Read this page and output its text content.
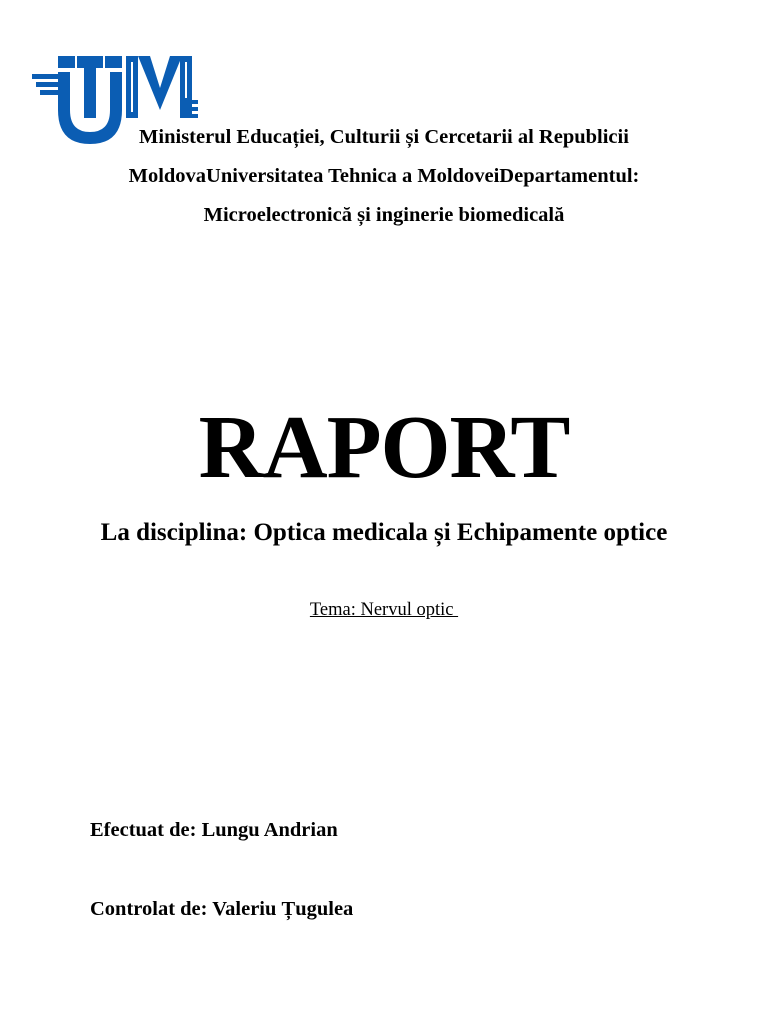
Ministerul Educației, Culturii și Cercetarii al Republicii
MoldovaUniversitatea Tehnica a MoldoveiDepartamentul:
Microelectronică și inginerie biomedicală
RAPORT
La disciplina: Optica medicala și Echipamente optice
Tema: Nervul optic
Efectuat de: Lungu Andrian
Controlat de: Valeriu Țugulea
